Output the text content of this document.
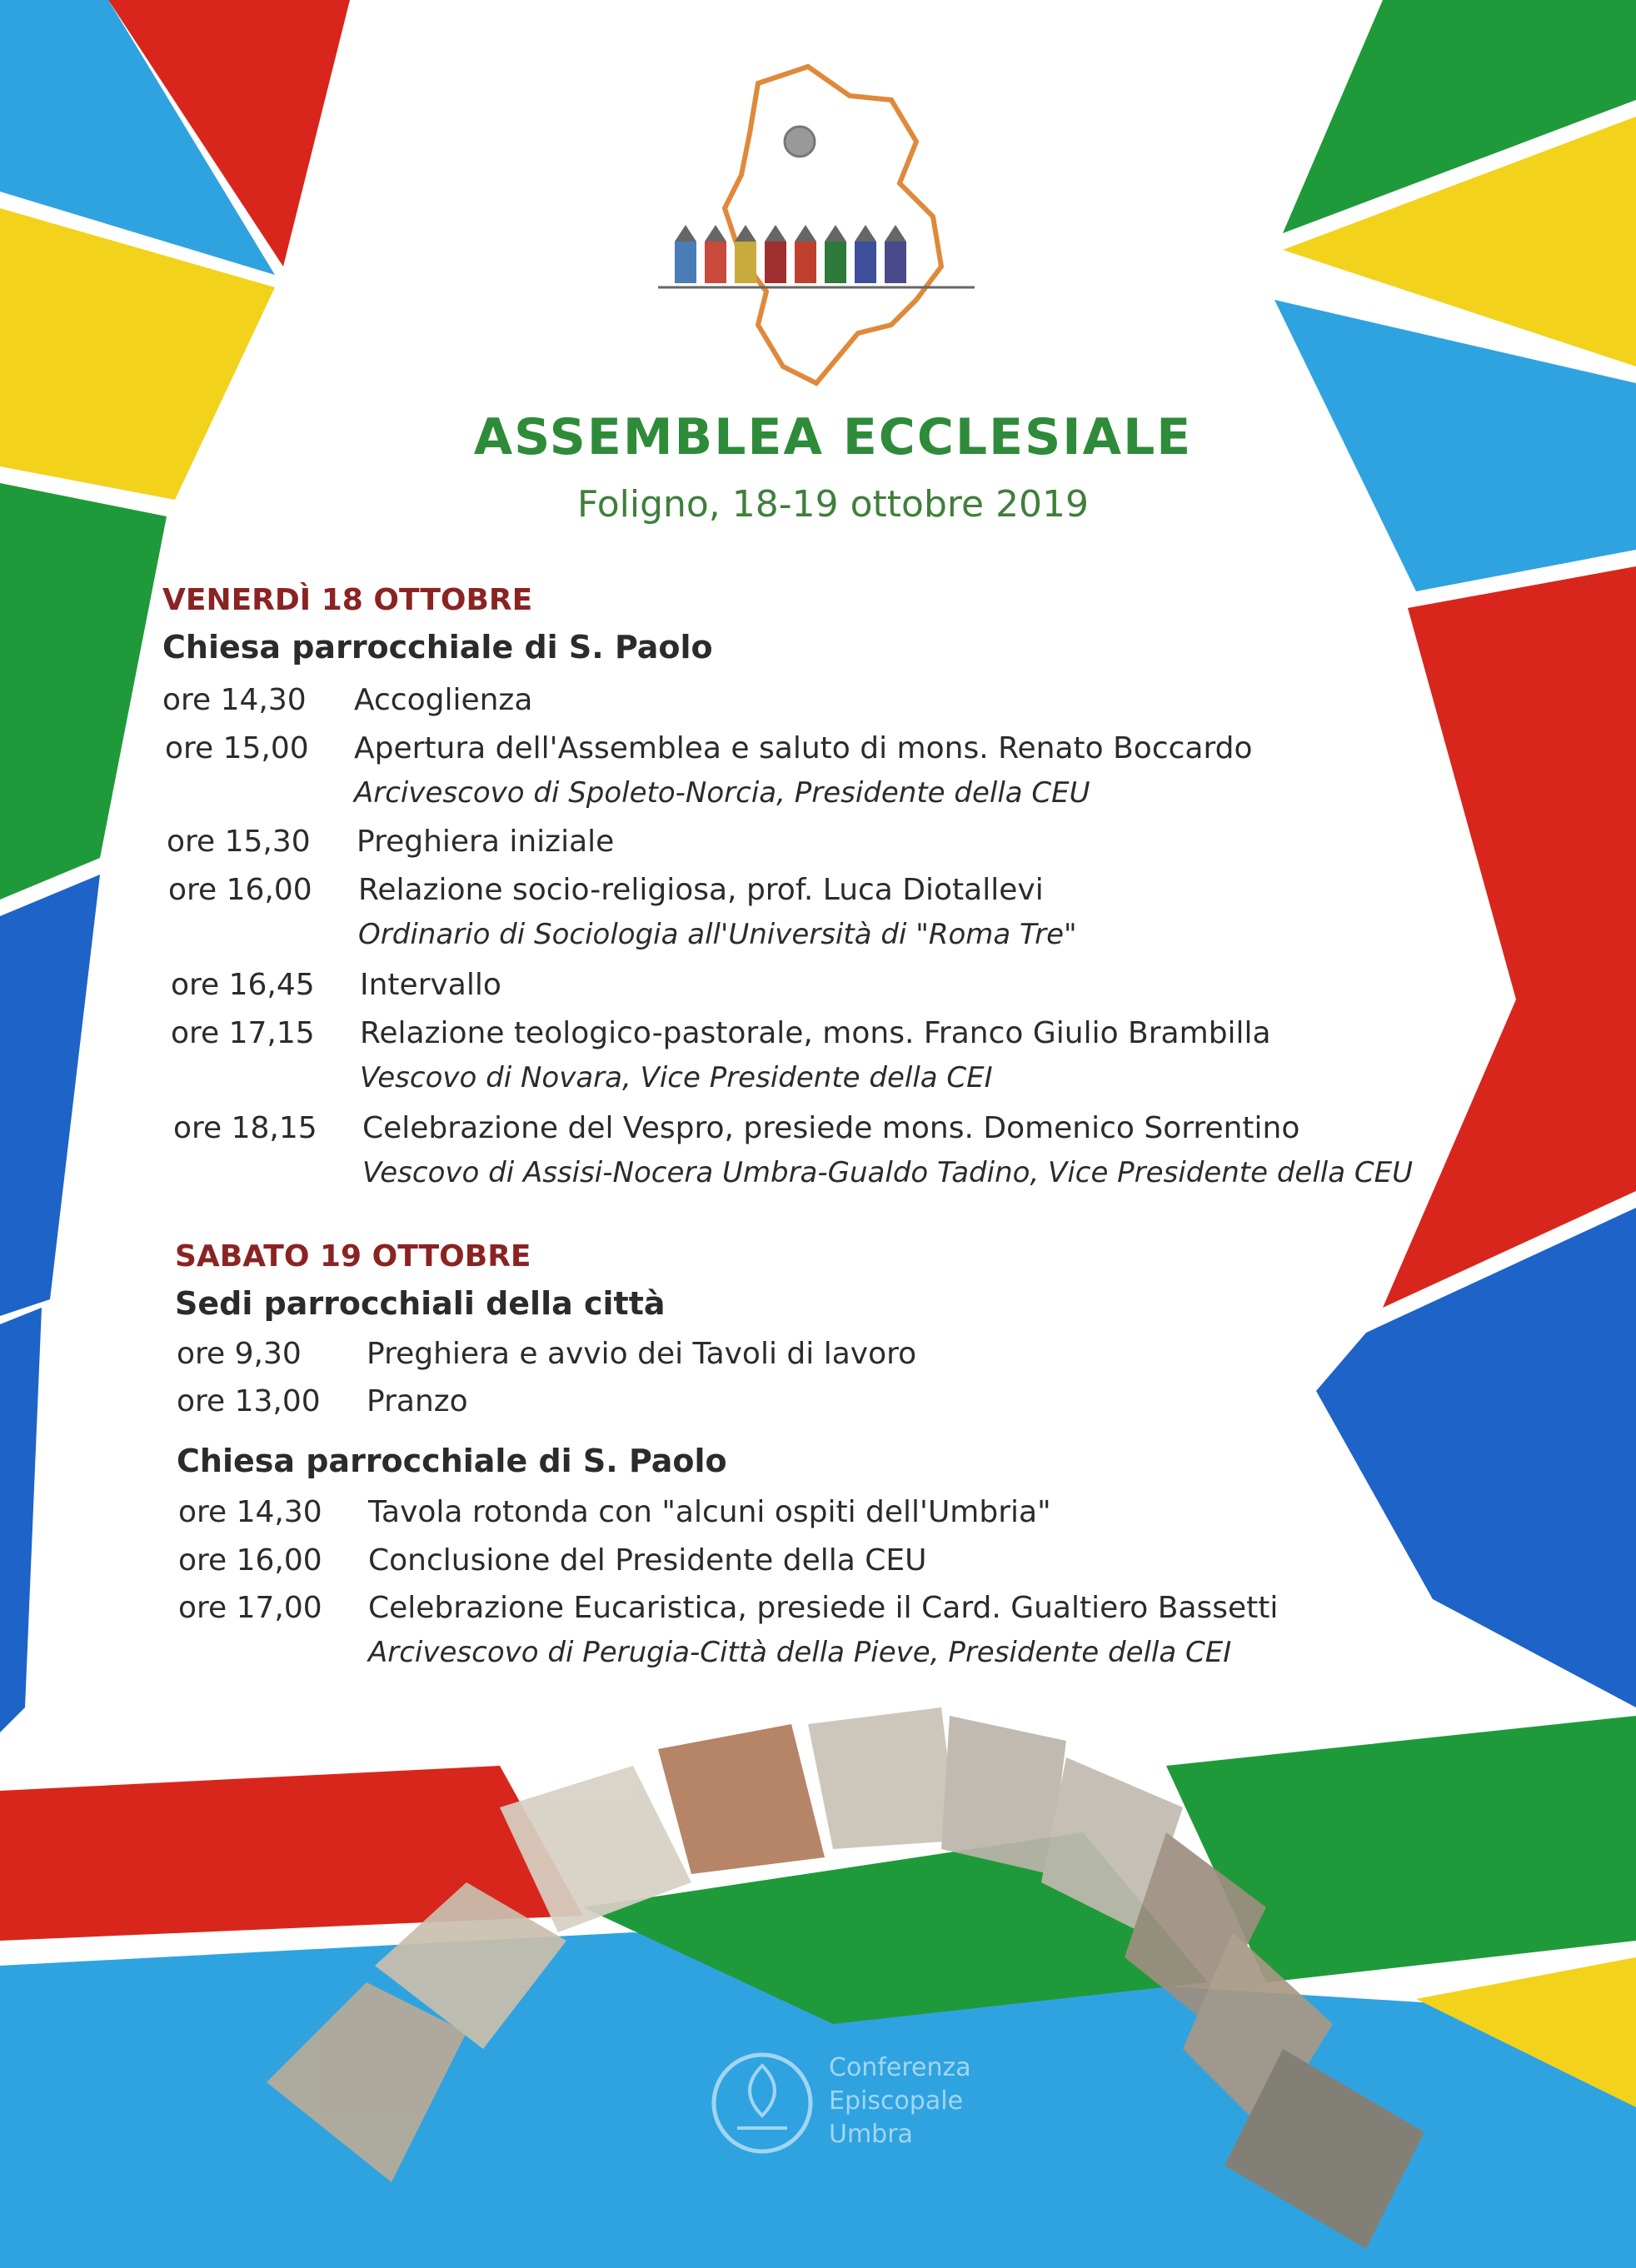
ASSEMBLEA ECCLESIALE
Foligno, 18-19 ottobre 2019
VENERDÌ 18 OTTOBRE
Chiesa parrocchiale di S. Paolo
ore 14,30 Accoglienza
ore 15,00 Apertura dell'Assemblea e saluto di mons. Renato Boccardo
Arcivescovo di Spoleto-Norcia, Presidente della CEU
ore 15,30 Preghiera iniziale
ore 16,00 Relazione socio-religiosa, prof. Luca Diotallevi
Ordinario di Sociologia all'Università di "Roma Tre"
ore 16,45 Intervallo
ore 17,15 Relazione teologico-pastorale, mons. Franco Giulio Brambilla
Vescovo di Novara, Vice Presidente della CEI
ore 18,15 Celebrazione del Vespro, presiede mons. Domenico Sorrentino
Vescovo di Assisi-Nocera Umbra-Gualdo Tadino, Vice Presidente della CEU
SABATO 19 OTTOBRE
Sedi parrocchiali della città
ore 9,30 Preghiera e avvio dei Tavoli di lavoro
ore 13,00 Pranzo
Chiesa parrocchiale di S. Paolo
ore 14,30 Tavola rotonda con "alcuni ospiti dell'Umbria"
ore 16,00 Conclusione del Presidente della CEU
ore 17,00 Celebrazione Eucaristica, presiede il Card. Gualtiero Bassetti
Arcivescovo di Perugia-Città della Pieve, Presidente della CEI
Conferenza
Episcopale
Umbra
